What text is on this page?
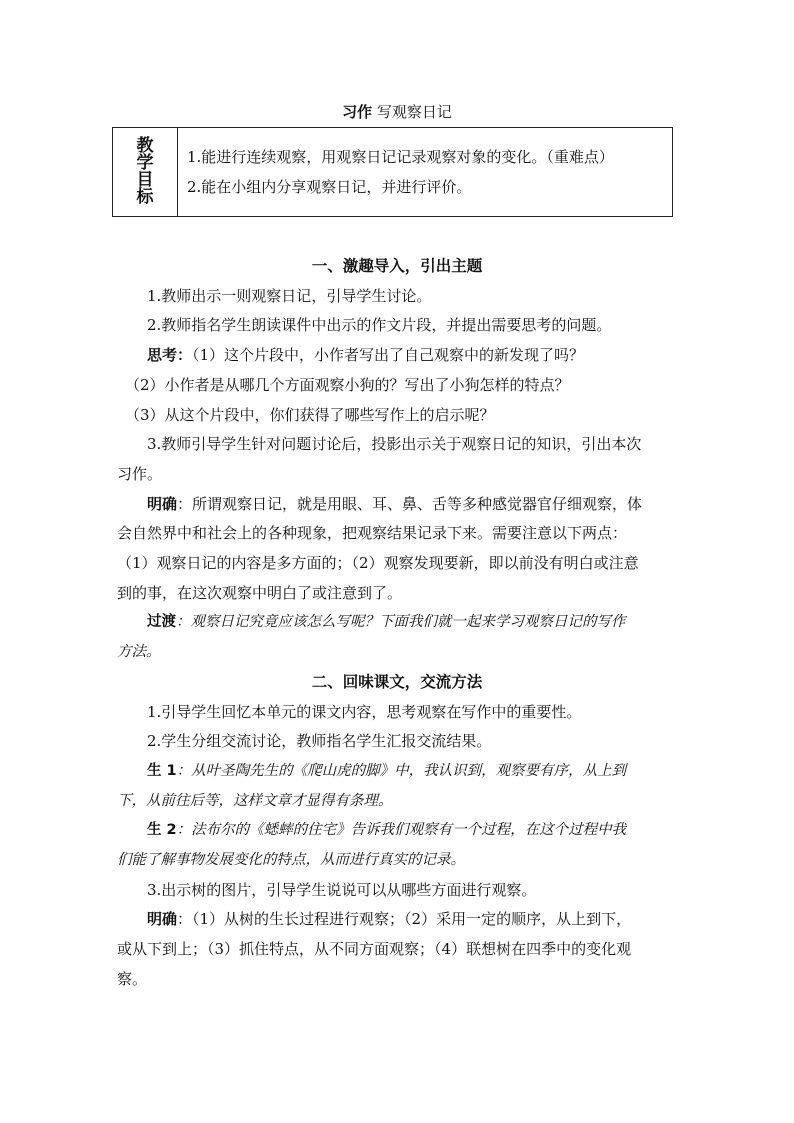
习作 写观察日记
教
学
目
标

1.能进行连续观察，用观察日记记录观察对象的变化。（重难点）
2.能在小组内分享观察日记，并进行评价。

一、激趣导入，引出主题

1.教师出示一则观察日记，引导学生讨论。

2.教师指名学生朗读课件中出示的作文片段，并提出需要思考的问题。

思考：（1）这个片段中，小作者写出了自己观察中的新发现了吗？

（2）小作者是从哪几个方面观察小狗的？写出了小狗怎样的特点？

（3）从这个片段中，你们获得了哪些写作上的启示呢？

3.教师引导学生针对问题讨论后，投影出示关于观察日记的知识，引出本次

习作。

明确：所谓观察日记，就是用眼、耳、鼻、舌等多种感觉器官仔细观察，体

会自然界中和社会上的各种现象，把观察结果记录下来。需要注意以下两点：

（1）观察日记的内容是多方面的；（2）观察发现要新，即以前没有明白或注意

到的事，在这次观察中明白了或注意到了。

过渡：观察日记究竟应该怎么写呢？下面我们就一起来学习观察日记的写作

方法。

二、回味课文，交流方法

1.引导学生回忆本单元的课文内容，思考观察在写作中的重要性。

2.学生分组交流讨论，教师指名学生汇报交流结果。

生 1：从叶圣陶先生的《爬山虎的脚》中，我认识到，观察要有序，从上到

下，从前往后等，这样文章才显得有条理。

生 2：法布尔的《蟋蟀的住宅》告诉我们观察有一个过程，在这个过程中我

们能了解事物发展变化的特点，从而进行真实的记录。

3.出示树的图片，引导学生说说可以从哪些方面进行观察。

明确：（1）从树的生长过程进行观察；（2）采用一定的顺序，从上到下，

或从下到上；（3）抓住特点，从不同方面观察；（4）联想树在四季中的变化观

察。
